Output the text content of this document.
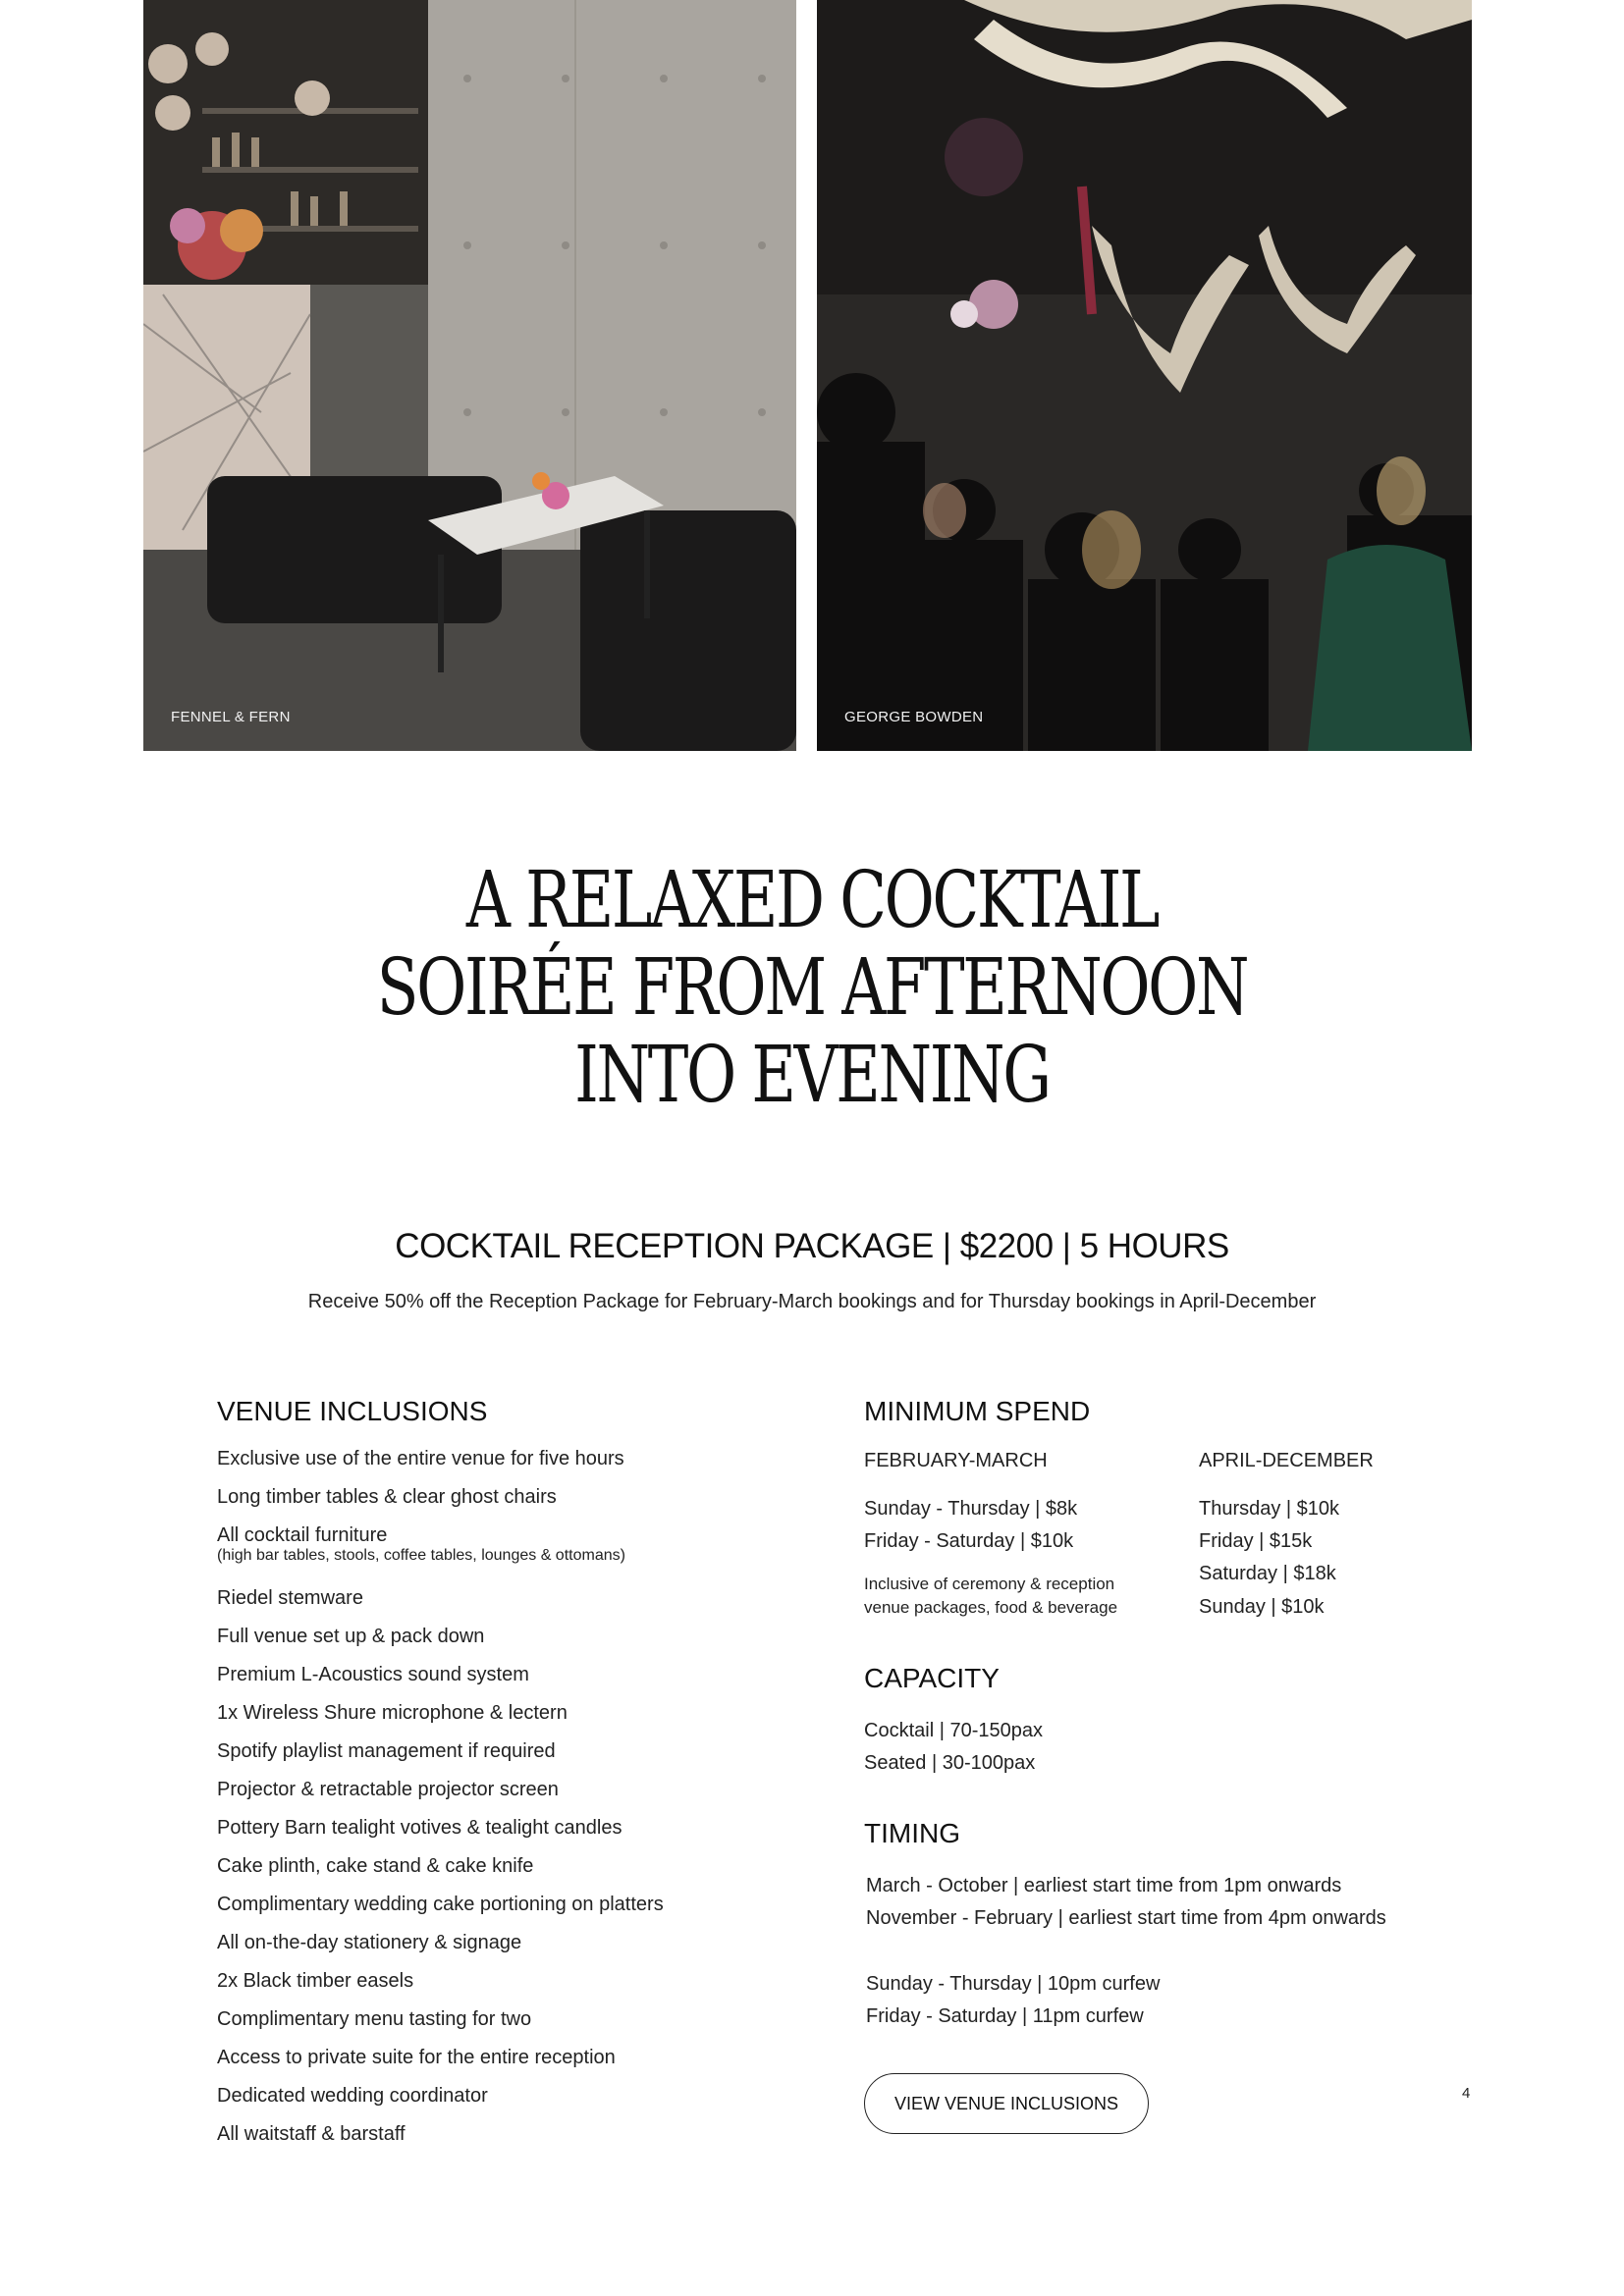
FENNEL & FERN	GEORGE BOWDEN
A RELAXED COCKTAIL
SOIRÉE FROM AFTERNOON
INTO EVENING
COCKTAIL RECEPTION PACKAGE | $2200 | 5 HOURS
Receive 50% off the Reception Package for February-March bookings and for Thursday bookings in April-December
VENUE INCLUSIONS
Exclusive use of the entire venue for five hours
Long timber tables & clear ghost chairs
All cocktail furniture
(high bar tables, stools, coffee tables, lounges & ottomans)
Riedel stemware
Full venue set up & pack down
Premium L-Acoustics sound system
1x Wireless Shure microphone & lectern
Spotify playlist management if required
Projector & retractable projector screen
Pottery Barn tealight votives & tealight candles
Cake plinth, cake stand & cake knife
Complimentary wedding cake portioning on platters
All on-the-day stationery & signage
2x Black timber easels
Complimentary menu tasting for two
Access to private suite for the entire reception
Dedicated wedding coordinator
All waitstaff & barstaff
MINIMUM SPEND
FEBRUARY-MARCH
Sunday - Thursday | $8k
Friday - Saturday | $10k
Inclusive of ceremony & reception
venue packages, food & beverage
APRIL-DECEMBER
Thursday | $10k
Friday | $15k
Saturday | $18k
Sunday | $10k
CAPACITY
Cocktail | 70-150pax
Seated | 30-100pax
TIMING
March - October | earliest start time from 1pm onwards
November - February | earliest start time from 4pm onwards
Sunday - Thursday | 10pm curfew
Friday - Saturday | 11pm curfew
VIEW VENUE INCLUSIONS	4
